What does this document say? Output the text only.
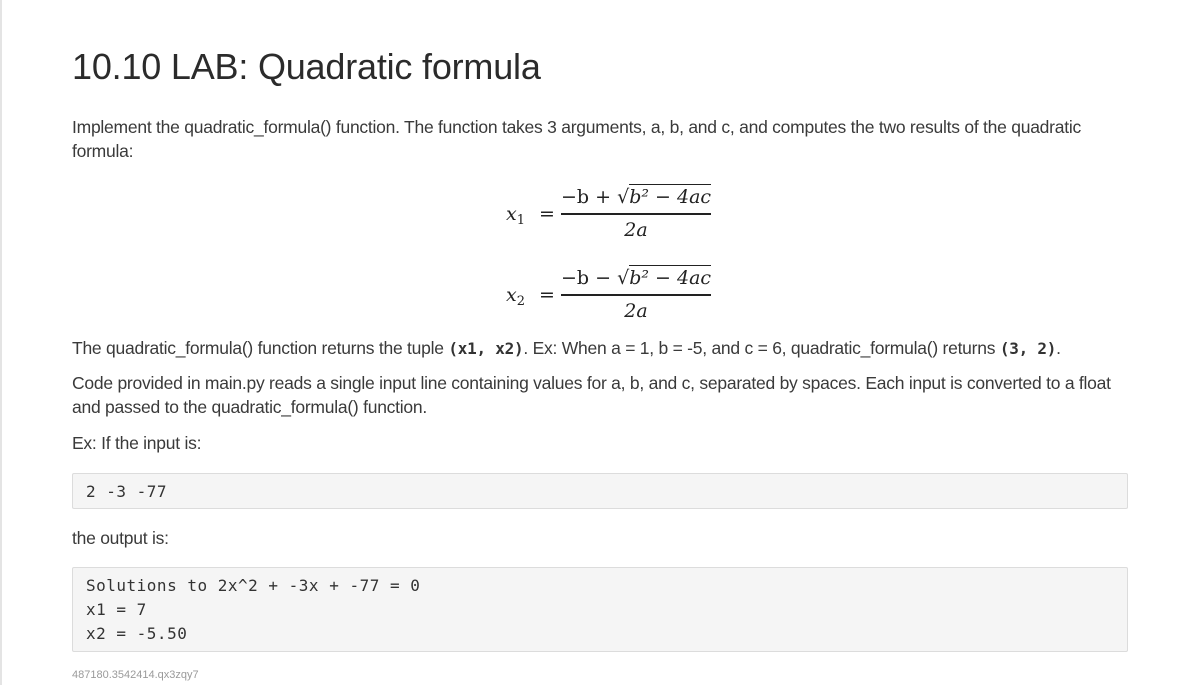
10.10 LAB: Quadratic formula

Implement the quadratic_formula() function. The function takes 3 arguments, a, b, and c, and computes the two results of the quadratic formula:

$x_1$ =
−b + √b² − 4ac
2a
$x_2$ =
−b − √b² − 4ac
2a

The quadratic_formula() function returns the tuple (x1, x2). Ex: When a = 1, b = -5, and c = 6, quadratic_formula() returns (3, 2).

Code provided in main.py reads a single input line containing values for a, b, and c, separated by spaces. Each input is converted to a float and passed to the quadratic_formula() function.

Ex: If the input is:

2 -3 -77

the output is:

Solutions to 2x^2 + -3x + -77 = 0
x1 = 7
x2 = -5.50
487180.3542414.qx3zqy7
